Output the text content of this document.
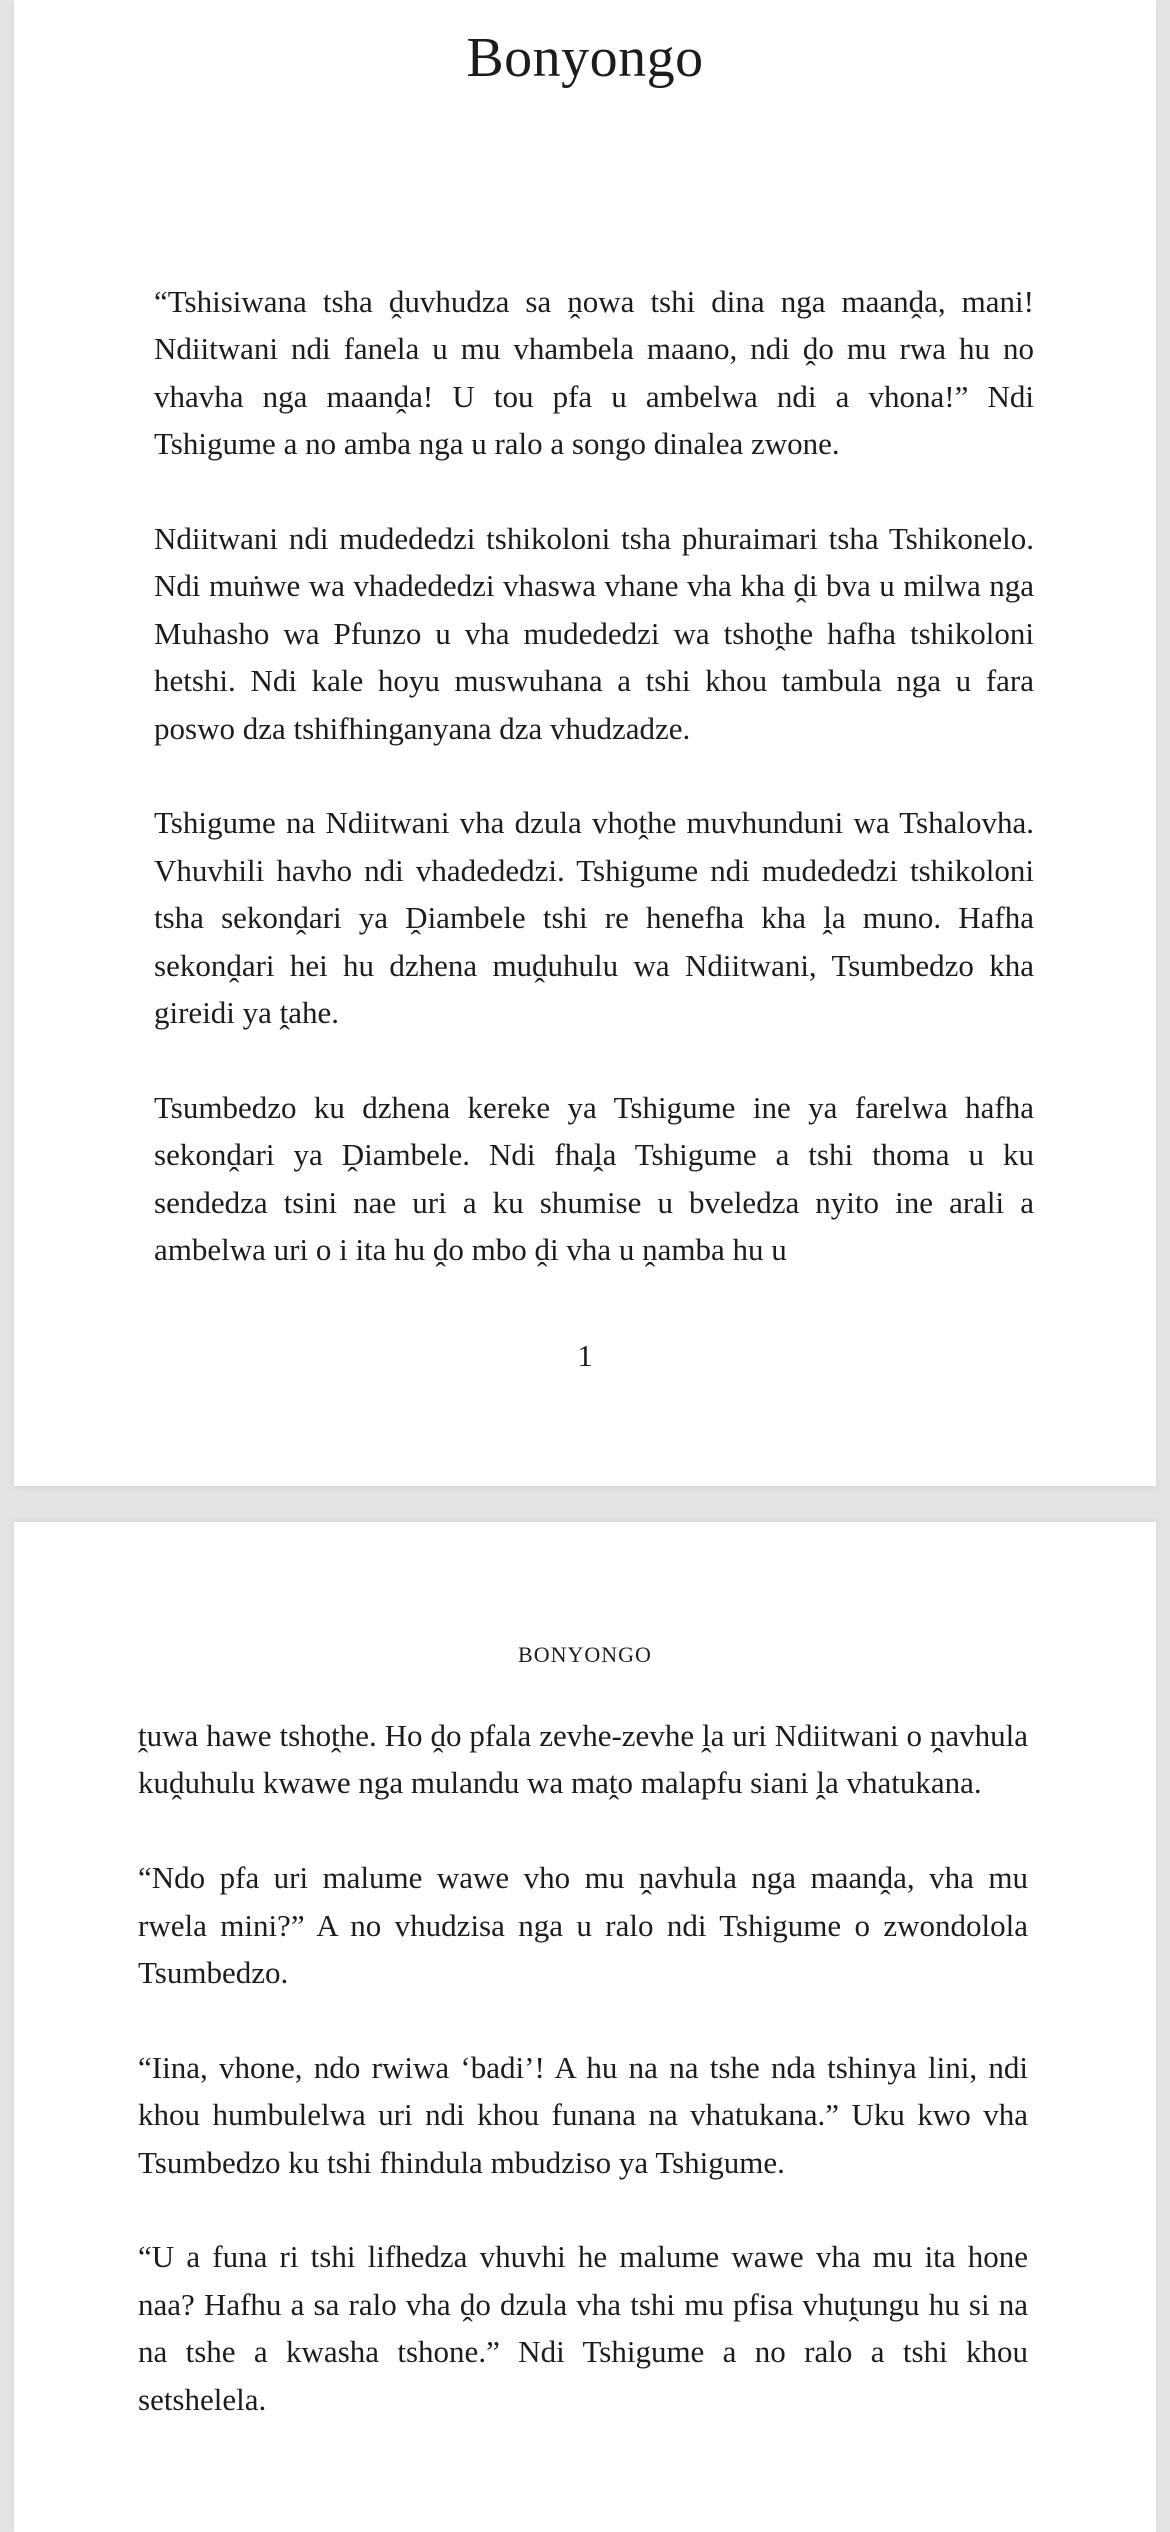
Bonyongo

“Tshisiwana tsha ḓuvhudza sa ṋowa tshi dina nga maanḓa, mani! Ndiitwani ndi fanela u mu vhambela maano, ndi ḓo mu rwa hu no vhavha nga maanḓa! U tou pfa u ambelwa ndi a vhona!” Ndi Tshigume a no amba nga u ralo a songo dinalea zwone.

Ndiitwani ndi mudededzi tshikoloni tsha phuraimari tsha Tshikonelo. Ndi muṅwe wa vhadededzi vhaswa vhane vha kha ḓi bva u milwa nga Muhasho wa Pfunzo u vha mudededzi wa tshoṱhe hafha tshikoloni hetshi. Ndi kale hoyu muswuhana a tshi khou tambula nga u fara poswo dza tshifhinganyana dza vhudzadze.

Tshigume na Ndiitwani vha dzula vhoṱhe muvhunduni wa Tshalovha. Vhuvhili havho ndi vhadededzi. Tshigume ndi mudededzi tshikoloni tsha sekonḓari ya Ḓiambele tshi re henefha kha ḽa muno. Hafha sekonḓari hei hu dzhena muḓuhulu wa Ndiitwani, Tsumbedzo kha gireidi ya ṱahe.

Tsumbedzo ku dzhena kereke ya Tshigume ine ya farelwa hafha sekonḓari ya Ḓiambele. Ndi fhaḽa Tshigume a tshi thoma u ku sendedza tsini nae uri a ku shumise u bveledza nyito ine arali a ambelwa uri o i ita hu ḓo mbo ḓi vha u ṋamba hu u

1
BONYONGO

ṱuwa hawe tshoṱhe. Ho ḓo pfala zevhe-zevhe ḽa uri Ndiitwani o ṋavhula kuḓuhulu kwawe nga mulandu wa maṱo malapfu siani ḽa vhatukana.

“Ndo pfa uri malume wawe vho mu ṋavhula nga maanḓa, vha mu rwela mini?” A no vhudzisa nga u ralo ndi Tshigume o zwondolola Tsumbedzo.

“Iina, vhone, ndo rwiwa ‘badi’! A hu na na tshe nda tshinya lini, ndi khou humbulelwa uri ndi khou funana na vhatukana.” Uku kwo vha Tsumbedzo ku tshi fhindula mbudziso ya Tshigume.

“U a funa ri tshi lifhedza vhuvhi he malume wawe vha mu ita hone naa? Hafhu a sa ralo vha ḓo dzula vha tshi mu pfisa vhuṱungu hu si na na tshe a kwasha tshone.” Ndi Tshigume a no ralo a tshi khou setshelela.
